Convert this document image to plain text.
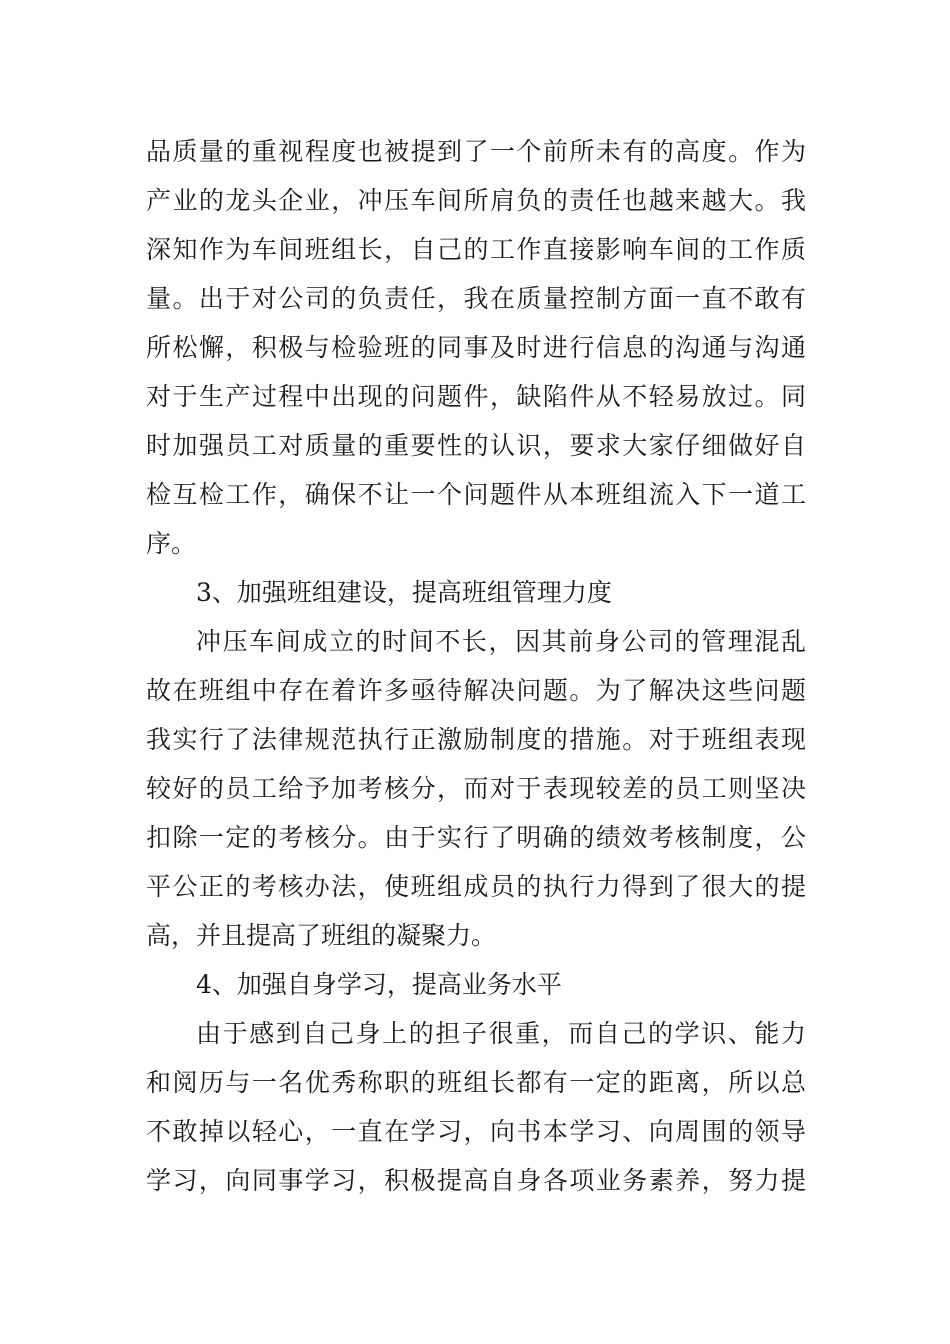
品质量的重视程度也被提到了一个前所未有的高度。作为
产业的龙头企业，冲压车间所肩负的责任也越来越大。我
深知作为车间班组长，自己的工作直接影响车间的工作质
量。出于对公司的负责任，我在质量控制方面一直不敢有
所松懈，积极与检验班的同事及时进行信息的沟通与沟通
对于生产过程中出现的问题件，缺陷件从不轻易放过。同
时加强员工对质量的重要性的认识，要求大家仔细做好自
检互检工作，确保不让一个问题件从本班组流入下一道工
序。
3、加强班组建设，提高班组管理力度
冲压车间成立的时间不长，因其前身公司的管理混乱
故在班组中存在着许多亟待解决问题。为了解决这些问题
我实行了法律规范执行正激励制度的措施。对于班组表现
较好的员工给予加考核分，而对于表现较差的员工则坚决
扣除一定的考核分。由于实行了明确的绩效考核制度，公
平公正的考核办法，使班组成员的执行力得到了很大的提
高，并且提高了班组的凝聚力。
4、加强自身学习，提高业务水平
由于感到自己身上的担子很重，而自己的学识、能力
和阅历与一名优秀称职的班组长都有一定的距离，所以总
不敢掉以轻心，一直在学习，向书本学习、向周围的领导
学习，向同事学习，积极提高自身各项业务素养，努力提
